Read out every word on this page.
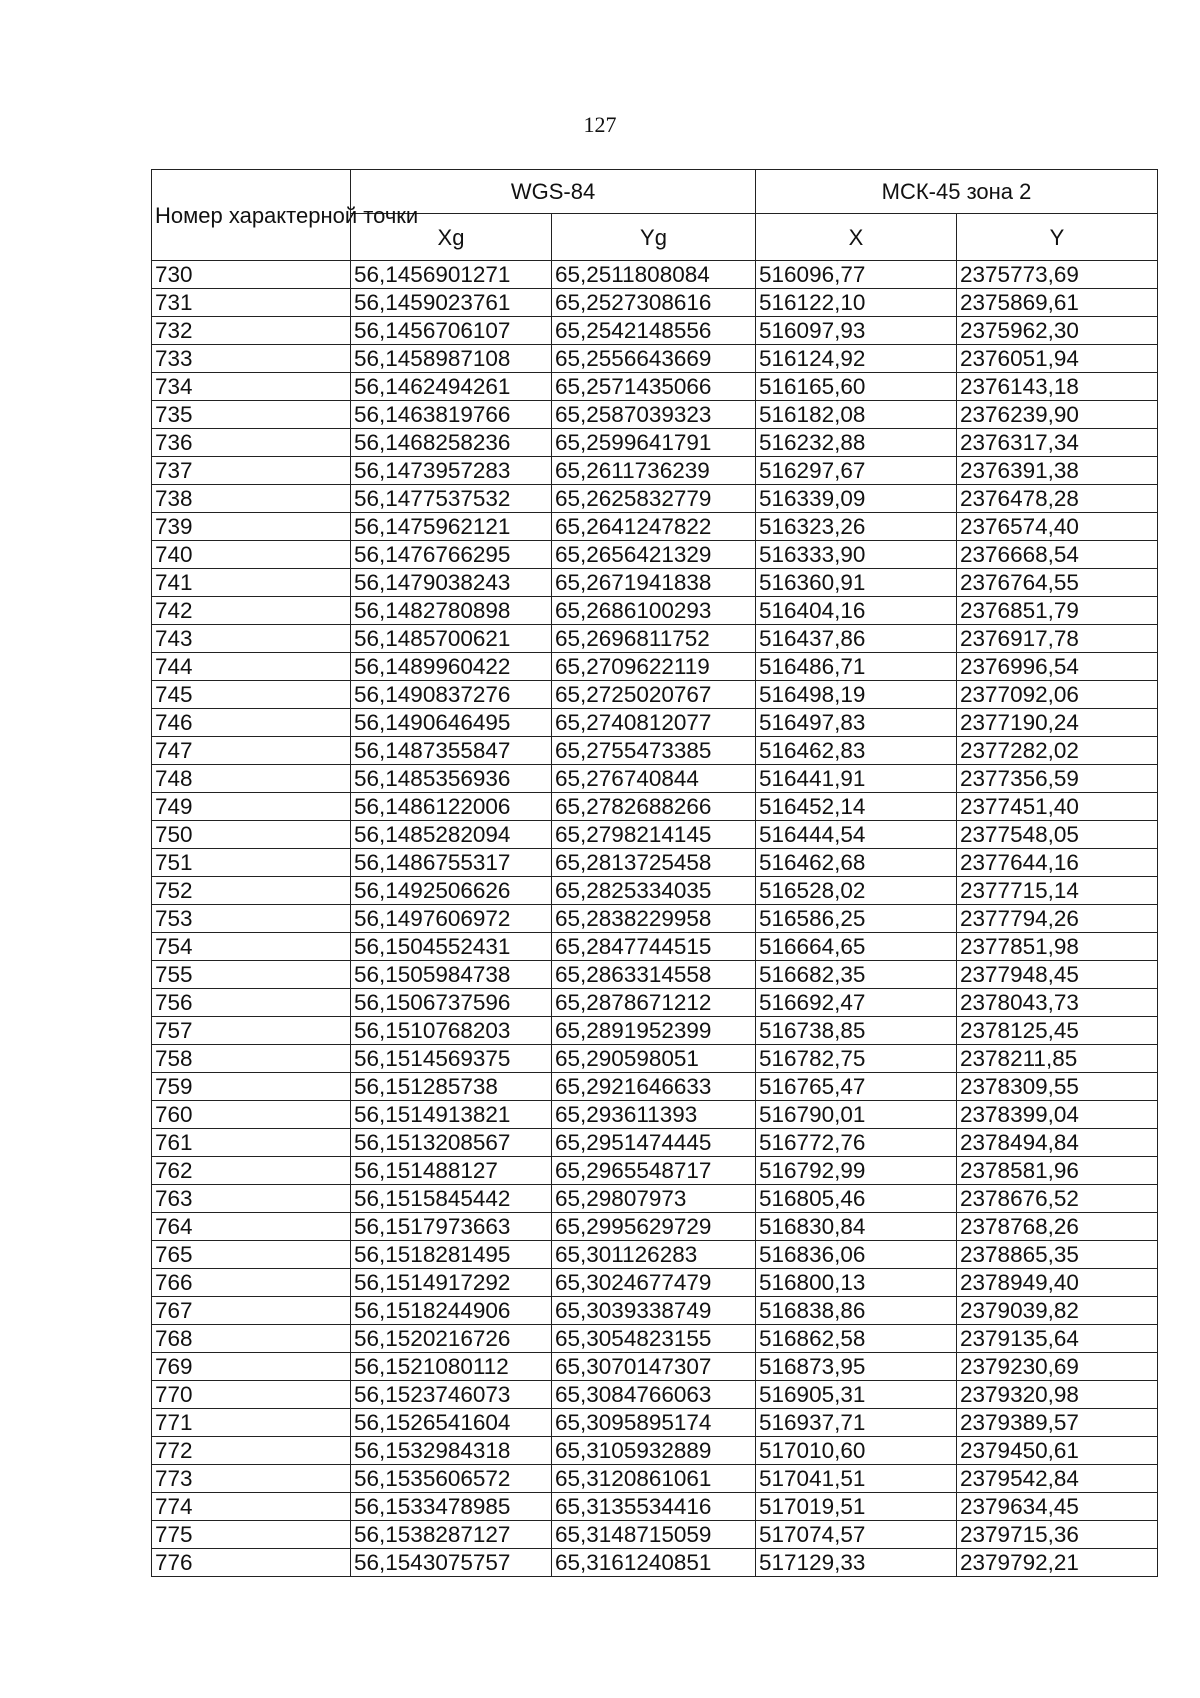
127
Номер характерной точки	WGS-84		МСК-45 зона 2	
	Xg	Yg	X	Y
730	56,1456901271	65,2511808084	516096,77	2375773,69
731	56,1459023761	65,2527308616	516122,10	2375869,61
732	56,1456706107	65,2542148556	516097,93	2375962,30
733	56,1458987108	65,2556643669	516124,92	2376051,94
734	56,1462494261	65,2571435066	516165,60	2376143,18
735	56,1463819766	65,2587039323	516182,08	2376239,90
736	56,1468258236	65,2599641791	516232,88	2376317,34
737	56,1473957283	65,2611736239	516297,67	2376391,38
738	56,1477537532	65,2625832779	516339,09	2376478,28
739	56,1475962121	65,2641247822	516323,26	2376574,40
740	56,1476766295	65,2656421329	516333,90	2376668,54
741	56,1479038243	65,2671941838	516360,91	2376764,55
742	56,1482780898	65,2686100293	516404,16	2376851,79
743	56,1485700621	65,2696811752	516437,86	2376917,78
744	56,1489960422	65,2709622119	516486,71	2376996,54
745	56,1490837276	65,2725020767	516498,19	2377092,06
746	56,1490646495	65,2740812077	516497,83	2377190,24
747	56,1487355847	65,2755473385	516462,83	2377282,02
748	56,1485356936	65,276740844	516441,91	2377356,59
749	56,1486122006	65,2782688266	516452,14	2377451,40
750	56,1485282094	65,2798214145	516444,54	2377548,05
751	56,1486755317	65,2813725458	516462,68	2377644,16
752	56,1492506626	65,2825334035	516528,02	2377715,14
753	56,1497606972	65,2838229958	516586,25	2377794,26
754	56,1504552431	65,2847744515	516664,65	2377851,98
755	56,1505984738	65,2863314558	516682,35	2377948,45
756	56,1506737596	65,2878671212	516692,47	2378043,73
757	56,1510768203	65,2891952399	516738,85	2378125,45
758	56,1514569375	65,290598051	516782,75	2378211,85
759	56,151285738	65,2921646633	516765,47	2378309,55
760	56,1514913821	65,293611393	516790,01	2378399,04
761	56,1513208567	65,2951474445	516772,76	2378494,84
762	56,151488127	65,2965548717	516792,99	2378581,96
763	56,1515845442	65,29807973	516805,46	2378676,52
764	56,1517973663	65,2995629729	516830,84	2378768,26
765	56,1518281495	65,301126283	516836,06	2378865,35
766	56,1514917292	65,3024677479	516800,13	2378949,40
767	56,1518244906	65,3039338749	516838,86	2379039,82
768	56,1520216726	65,3054823155	516862,58	2379135,64
769	56,1521080112	65,3070147307	516873,95	2379230,69
770	56,1523746073	65,3084766063	516905,31	2379320,98
771	56,1526541604	65,3095895174	516937,71	2379389,57
772	56,1532984318	65,3105932889	517010,60	2379450,61
773	56,1535606572	65,3120861061	517041,51	2379542,84
774	56,1533478985	65,3135534416	517019,51	2379634,45
775	56,1538287127	65,3148715059	517074,57	2379715,36
776	56,1543075757	65,3161240851	517129,33	2379792,21
